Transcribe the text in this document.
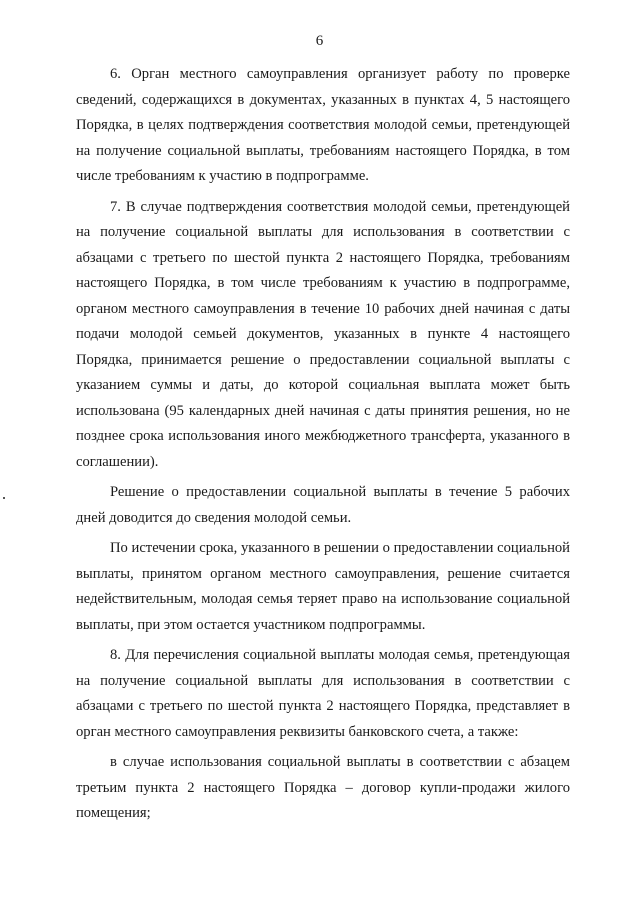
6

6. Орган местного самоуправления организует работу по проверке сведений, содержащихся в документах, указанных в пунктах 4, 5 настоящего Порядка, в целях подтверждения соответствия молодой семьи, претендующей на получение социальной выплаты, требованиям настоящего Порядка, в том числе требованиям к участию в подпрограмме.

7. В случае подтверждения соответствия молодой семьи, претендующей на получение социальной выплаты для использования в соответствии с абзацами с третьего по шестой пункта 2 настоящего Порядка, требованиям настоящего Порядка, в том числе требованиям к участию в подпрограмме, органом местного самоуправления в течение 10 рабочих дней начиная с даты подачи молодой семьей документов, указанных в пункте 4 настоящего Порядка, принимается решение о предоставлении социальной выплаты с указанием суммы и даты, до которой социальная выплата может быть использована (95 календарных дней начиная с даты принятия решения, но не позднее срока использования иного межбюджетного трансферта, указанного в соглашении).

Решение о предоставлении социальной выплаты в течение 5 рабочих дней доводится до сведения молодой семьи.

По истечении срока, указанного в решении о предоставлении социальной выплаты, принятом органом местного самоуправления, решение считается недействительным, молодая семья теряет право на использование социальной выплаты, при этом остается участником подпрограммы.

8. Для перечисления социальной выплаты молодая семья, претендующая на получение социальной выплаты для использования в соответствии с абзацами с третьего по шестой пункта 2 настоящего Порядка, представляет в орган местного самоуправления реквизиты банковского счета, а также:

в случае использования социальной выплаты в соответствии с абзацем третьим пункта 2 настоящего Порядка – договор купли-продажи жилого помещения;
